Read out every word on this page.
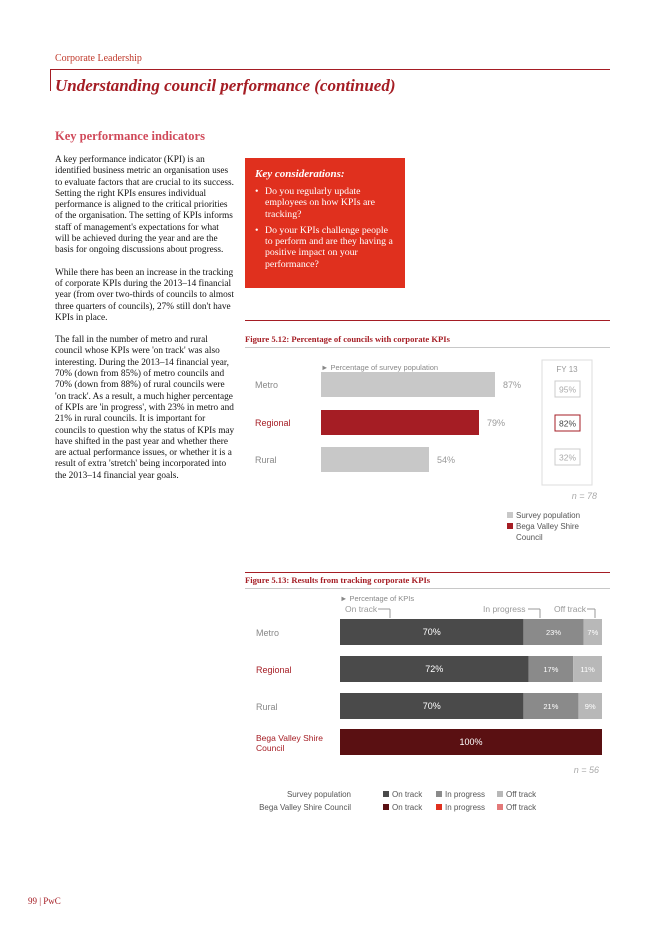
Corporate Leadership
Understanding council performance (continued)
Key performance indicators

A key performance indicator (KPI) is an identified business metric an organisation uses to evaluate factors that are crucial to its success. Setting the right KPIs ensures individual performance is aligned to the critical priorities of the organisation. The setting of KPIs informs staff of management's expectations for what will be achieved during the year and are the basis for ongoing discussions about progress.

While there has been an increase in the tracking of corporate KPIs during the 2013–14 financial year (from over two-thirds of councils to almost three quarters of councils), 27% still don't have KPIs in place.

The fall in the number of metro and rural council whose KPIs were 'on track' was also interesting. During the 2013–14 financial year, 70% (down from 85%) of metro councils and 70% (down from 88%) of rural councils were 'on track'. As a result, a much higher percentage of KPIs are 'in progress', with 23% in metro and 21% in rural councils. It is important for councils to question why the status of KPIs may have shifted in the past year and whether there are actual performance issues, or whether it is a result of extra 'stretch' being incorporated into the 2013–14 financial year goals.

Key considerations:
• Do you regularly update employees on how KPIs are tracking?
• Do your KPIs challenge people to perform and are they having a positive impact on your performance?
Figure 5.12: Percentage of councils with corporate KPIs
► Percentage of survey population
Metro	87%
Regional	79%
Rural	54%
FY 13
95%
82%
32%
n = 78
Survey population
Bega Valley Shire
Council
Figure 5.13: Results from tracking corporate KPIs
► Percentage of KPIs
On track	In progress	Off track
Metro	70%	23%	7%
Regional	72%	17%	11%
Rural	70%	21%	9%
Bega Valley Shire
Council
100%
n = 56
Survey population
Bega Valley Shire Council
On track
On track
In progress
In progress
Off track
Off track
99 | PwC
